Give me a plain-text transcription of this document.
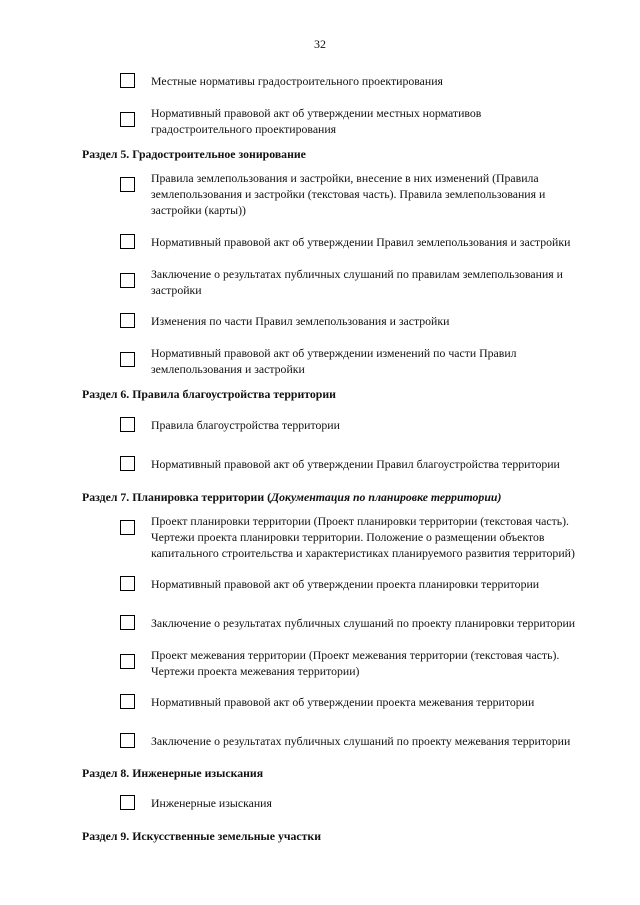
32
Местные нормативы градостроительного проектирования
Нормативный правовой акт об утверждении местных нормативов
градостроительного проектирования
Раздел 5. Градостроительное зонирование
Правила землепользования и застройки, внесение в них изменений (Правила
землепользования и застройки (текстовая часть). Правила землепользования и
застройки (карты))
Нормативный правовой акт об утверждении Правил землепользования и застройки
Заключение о результатах публичных слушаний по правилам землепользования и
застройки
Изменения по части Правил землепользования и застройки
Нормативный правовой акт об утверждении изменений по части Правил
землепользования и застройки
Раздел 6. Правила благоустройства территории
Правила благоустройства территории
Нормативный правовой акт об утверждении Правил благоустройства территории
Раздел 7. Планировка территории (Документация по планировке территории)
Проект планировки территории (Проект планировки территории (текстовая часть).
Чертежи проекта планировки территории. Положение о размещении объектов
капитального строительства и характеристиках планируемого развития территорий)
Нормативный правовой акт об утверждении проекта планировки территории
Заключение о результатах публичных слушаний по проекту планировки территории
Проект межевания территории (Проект межевания территории (текстовая часть).
Чертежи проекта межевания территории)
Нормативный правовой акт об утверждении проекта межевания территории
Заключение о результатах публичных слушаний по проекту межевания территории
Раздел 8. Инженерные изыскания
Инженерные изыскания
Раздел 9. Искусственные земельные участки
